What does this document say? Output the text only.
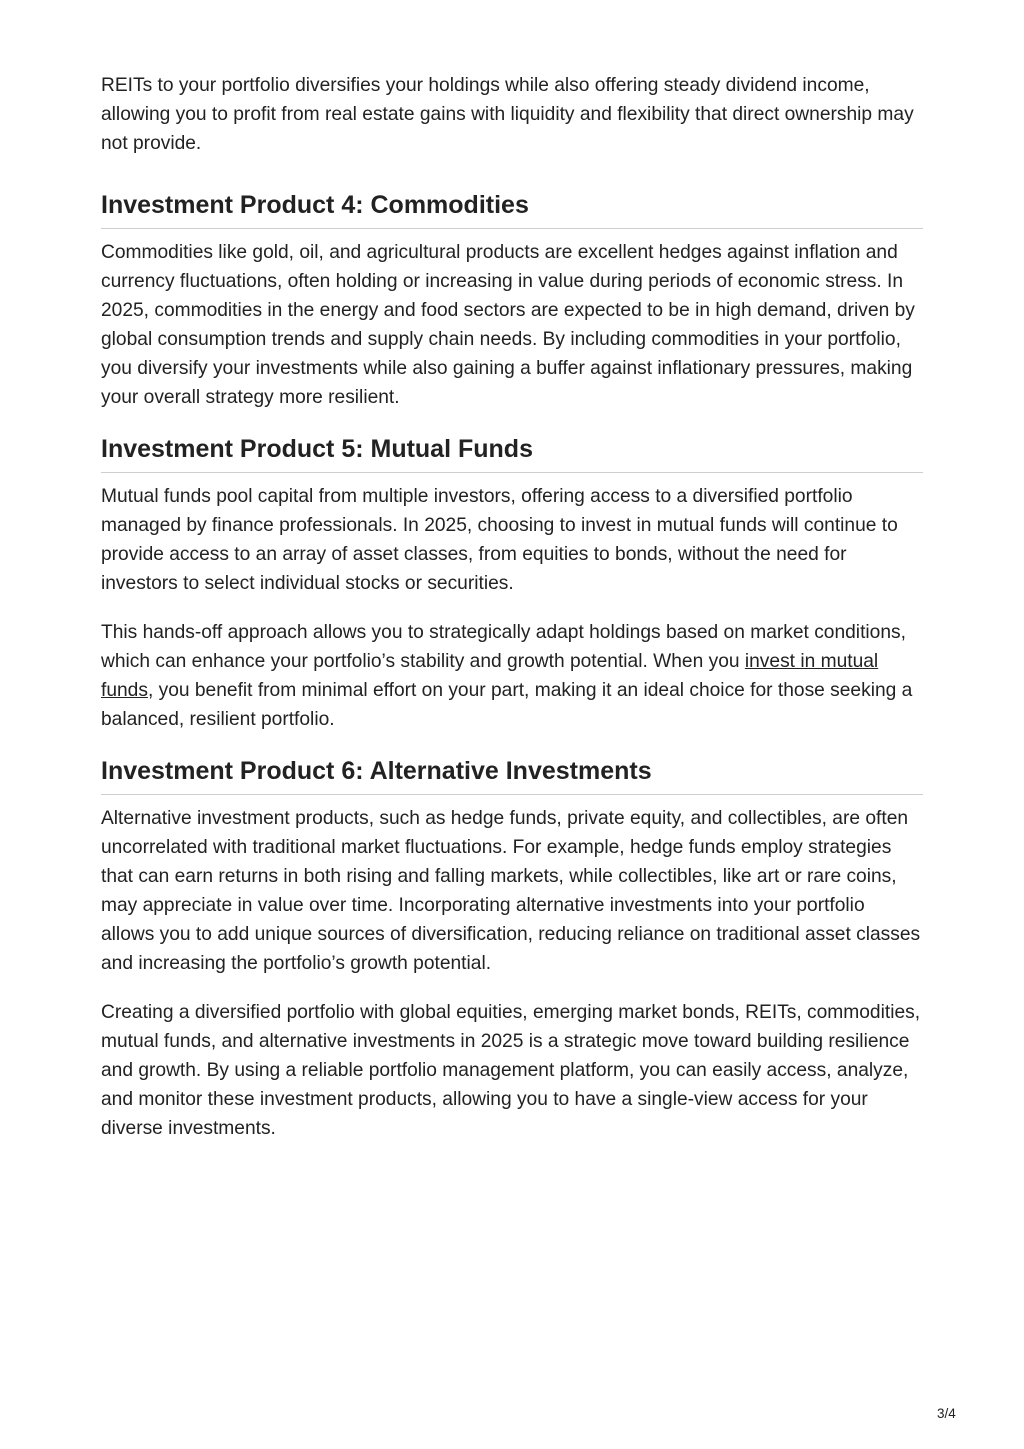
REITs to your portfolio diversifies your holdings while also offering steady dividend income, allowing you to profit from real estate gains with liquidity and flexibility that direct ownership may not provide.

Investment Product 4: Commodities

Commodities like gold, oil, and agricultural products are excellent hedges against inflation and currency fluctuations, often holding or increasing in value during periods of economic stress. In 2025, commodities in the energy and food sectors are expected to be in high demand, driven by global consumption trends and supply chain needs. By including commodities in your portfolio, you diversify your investments while also gaining a buffer against inflationary pressures, making your overall strategy more resilient.

Investment Product 5: Mutual Funds

Mutual funds pool capital from multiple investors, offering access to a diversified portfolio managed by finance professionals. In 2025, choosing to invest in mutual funds will continue to provide access to an array of asset classes, from equities to bonds, without the need for investors to select individual stocks or securities.

This hands-off approach allows you to strategically adapt holdings based on market conditions, which can enhance your portfolio’s stability and growth potential. When you invest in mutual funds, you benefit from minimal effort on your part, making it an ideal choice for those seeking a balanced, resilient portfolio.

Investment Product 6: Alternative Investments

Alternative investment products, such as hedge funds, private equity, and collectibles, are often uncorrelated with traditional market fluctuations. For example, hedge funds employ strategies that can earn returns in both rising and falling markets, while collectibles, like art or rare coins, may appreciate in value over time. Incorporating alternative investments into your portfolio allows you to add unique sources of diversification, reducing reliance on traditional asset classes and increasing the portfolio’s growth potential.

Creating a diversified portfolio with global equities, emerging market bonds, REITs, commodities, mutual funds, and alternative investments in 2025 is a strategic move toward building resilience and growth. By using a reliable portfolio management platform, you can easily access, analyze, and monitor these investment products, allowing you to have a single-view access for your diverse investments.

3/4
